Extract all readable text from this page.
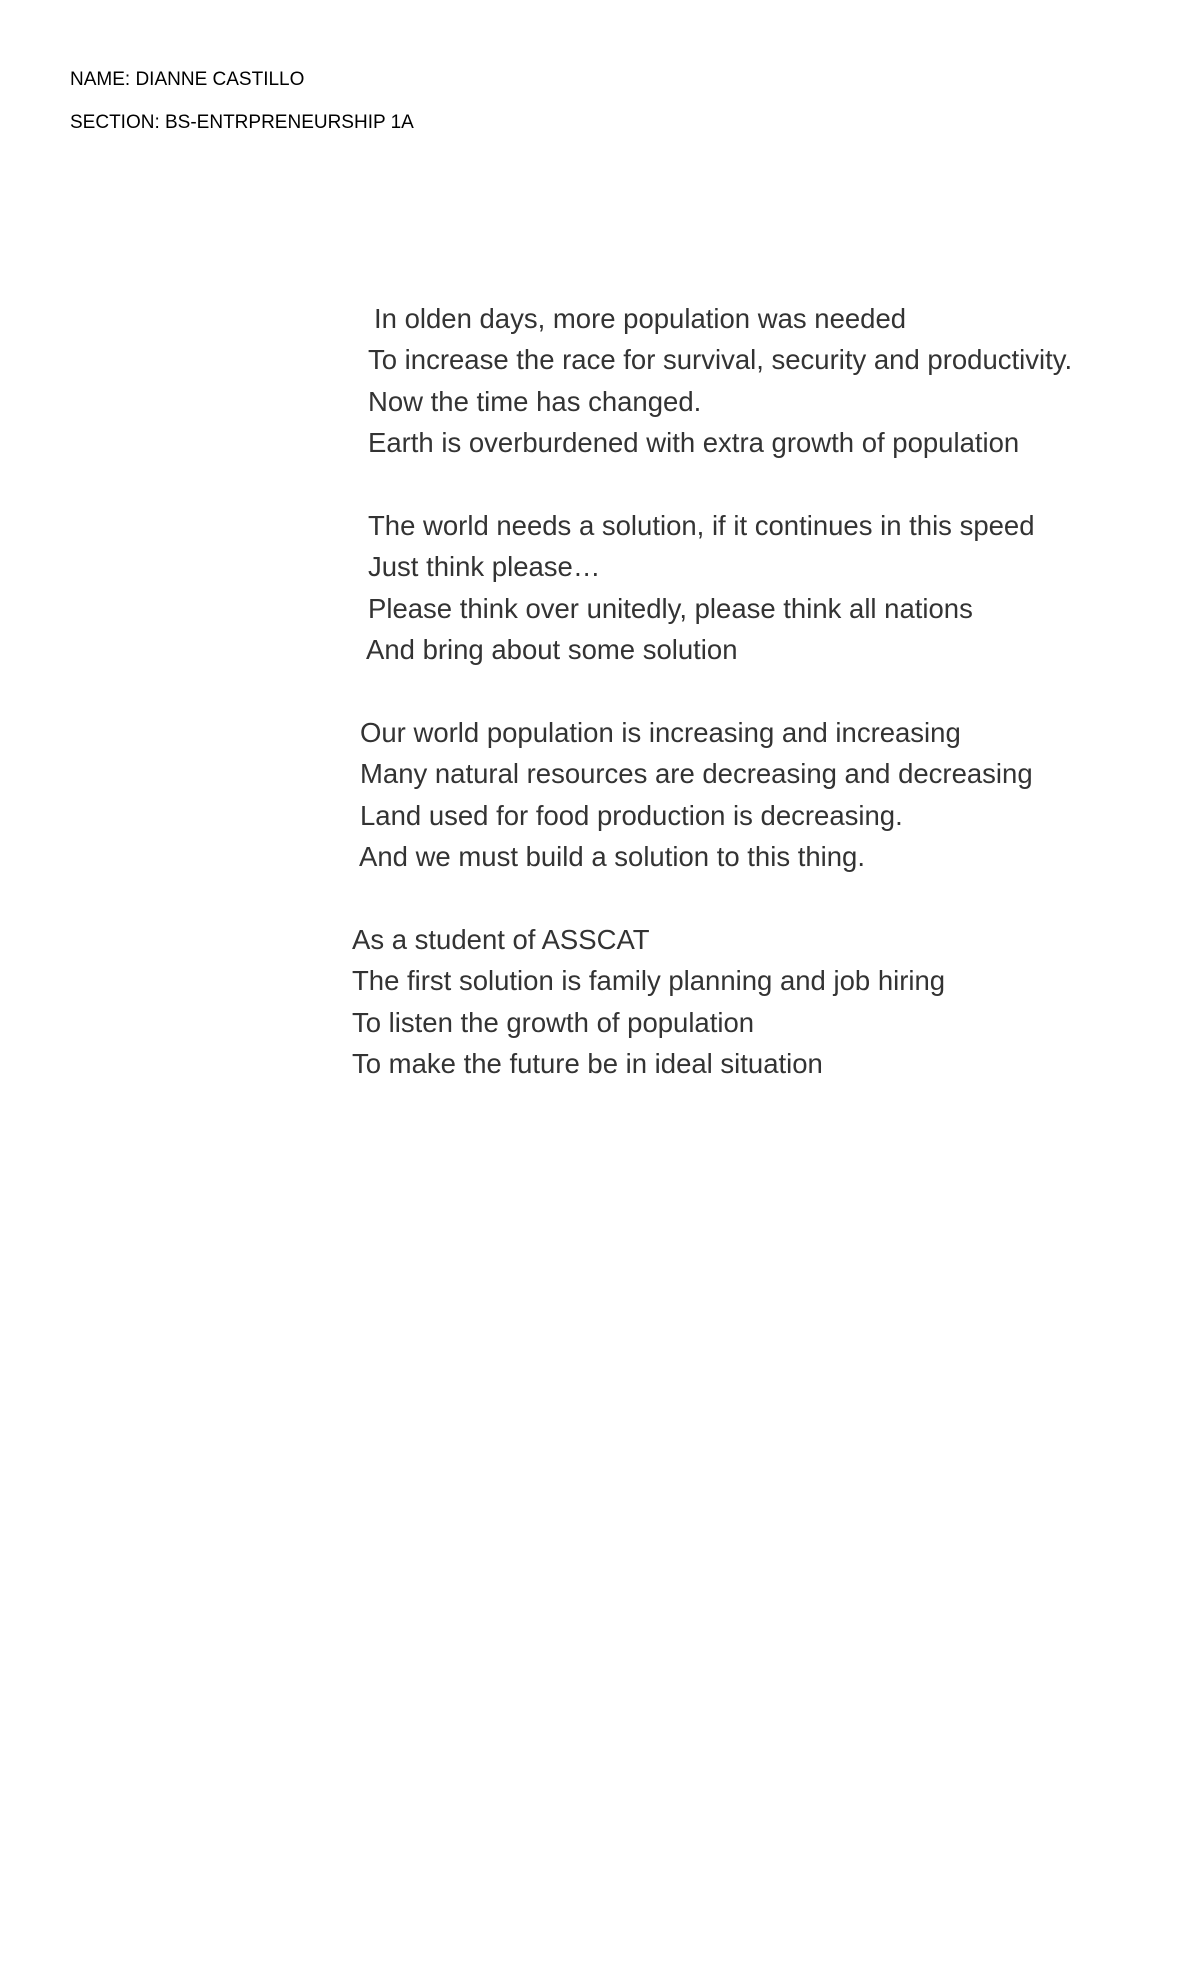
NAME: DIANNE CASTILLO
SECTION: BS-ENTRPRENEURSHIP 1A
In olden days, more population was needed
To increase the race for survival, security and productivity.
Now the time has changed.
Earth is overburdened with extra growth of population
The world needs a solution, if it continues in this speed
Just think please…
Please think over unitedly, please think all nations
And bring about some solution
Our world population is increasing and increasing
Many natural resources are decreasing and decreasing
Land used for food production is decreasing.
And we must build a solution to this thing.
As a student of ASSCAT
The first solution is family planning and job hiring
To listen the growth of population
To make the future be in ideal situation
